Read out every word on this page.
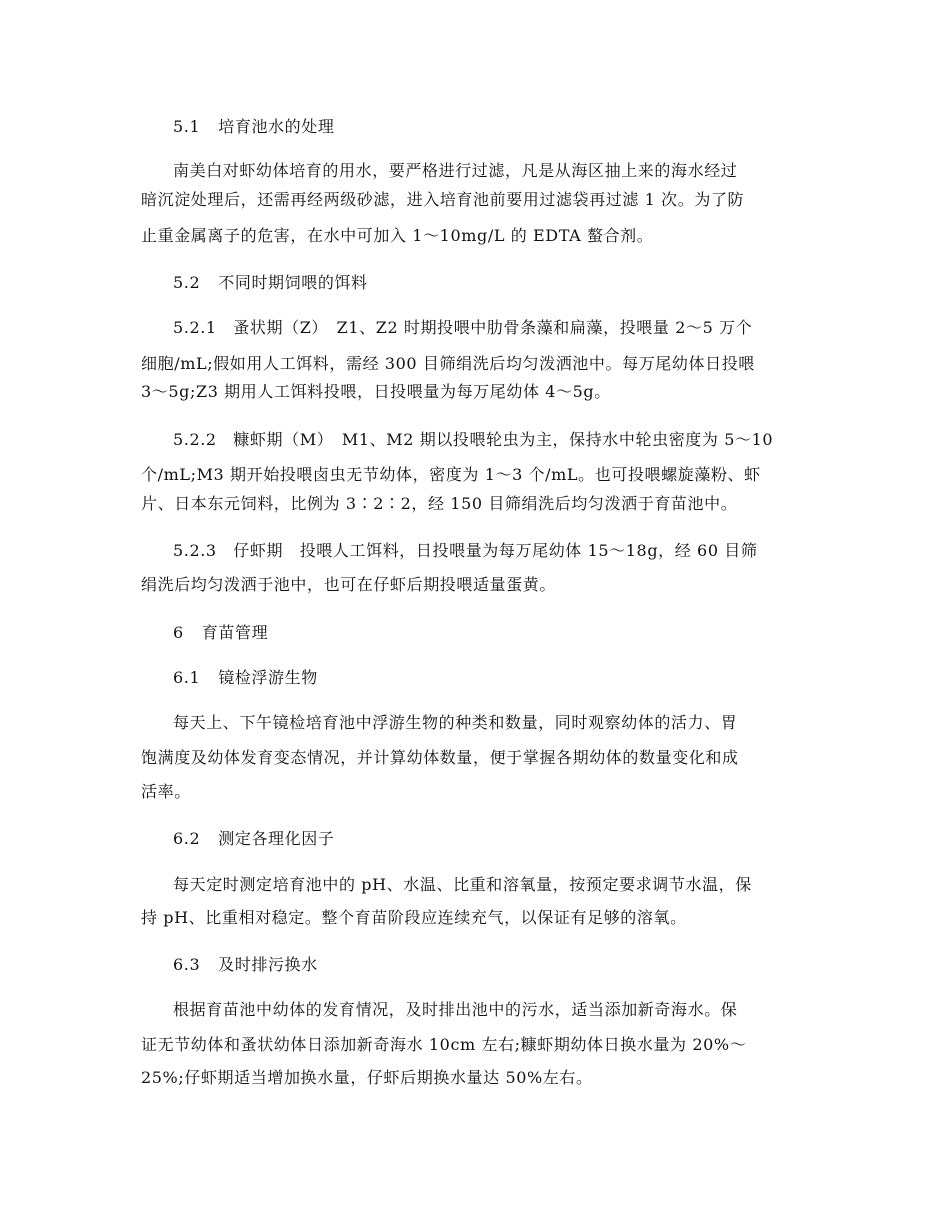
5.1 培育池水的处理
南美白对虾幼体培育的用水，要严格进行过滤，凡是从海区抽上来的海水经过
暗沉淀处理后，还需再经两级砂滤，进入培育池前要用过滤袋再过滤 1 次。为了防
止重金属离子的危害，在水中可加入 1～10mg/L 的 EDTA 螯合剂。
5.2 不同时期饲喂的饵料
5.2.1　蚤状期（Z）　Z1、Z2 时期投喂中肋骨条藻和扁藻，投喂量 2～5 万个
细胞/mL;假如用人工饵料，需经 300 目筛绢洗后均匀泼洒池中。每万尾幼体日投喂
3～5g;Z3 期用人工饵料投喂，日投喂量为每万尾幼体 4～5g。
5.2.2　糠虾期（M）　M1、M2 期以投喂轮虫为主，保持水中轮虫密度为 5～10
个/mL;M3 期开始投喂卤虫无节幼体，密度为 1～3 个/mL。也可投喂螺旋藻粉、虾
片、日本东元饲料，比例为 3∶2∶2，经 150 目筛绢洗后均匀泼洒于育苗池中。
5.2.3　仔虾期　投喂人工饵料，日投喂量为每万尾幼体 15～18g，经 60 目筛
绢洗后均匀泼洒于池中，也可在仔虾后期投喂适量蛋黄。
6 育苗管理
6.1 镜检浮游生物
每天上、下午镜检培育池中浮游生物的种类和数量，同时观察幼体的活力、胃
饱满度及幼体发育变态情况，并计算幼体数量，便于掌握各期幼体的数量变化和成
活率。
6.2 测定各理化因子
每天定时测定培育池中的 pH、水温、比重和溶氧量，按预定要求调节水温，保
持 pH、比重相对稳定。整个育苗阶段应连续充气，以保证有足够的溶氧。
6.3 及时排污换水
根据育苗池中幼体的发育情况，及时排出池中的污水，适当添加新奇海水。保
证无节幼体和蚤状幼体日添加新奇海水 10cm 左右;糠虾期幼体日换水量为 20%～
25%;仔虾期适当增加换水量，仔虾后期换水量达 50%左右。
